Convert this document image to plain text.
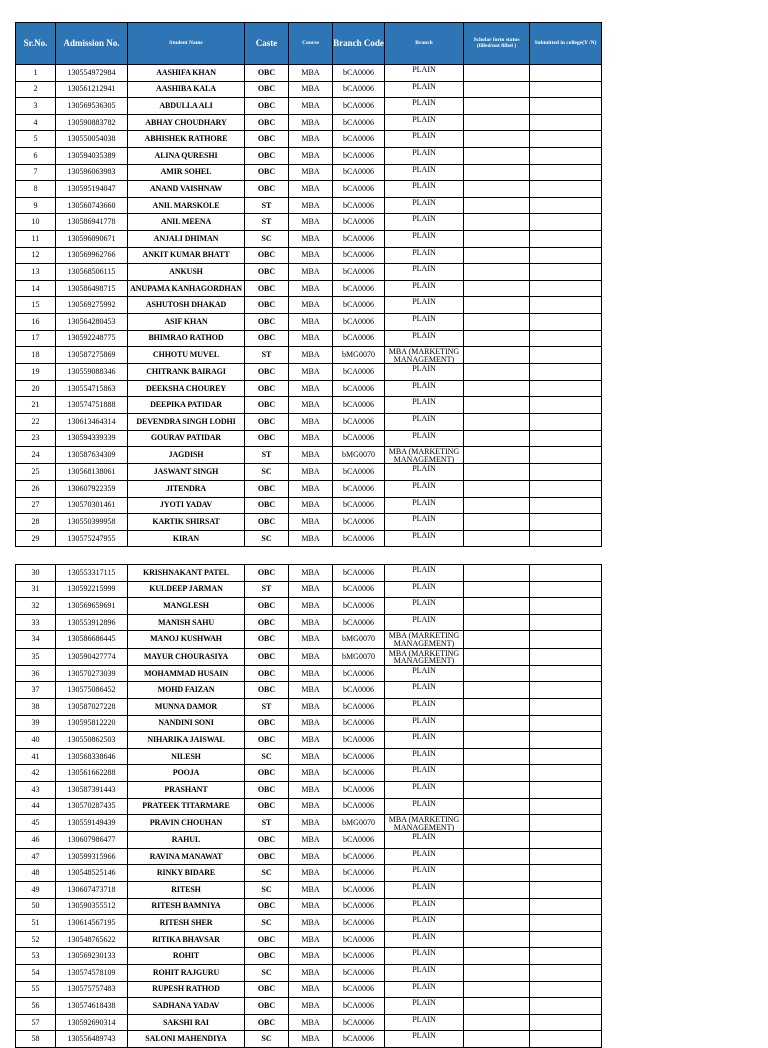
Sr.No.	Admission No.	Student Name	Caste	Course	Branch Code	Branch	Scholar form status (filled/not filled )	Submitted in college(Y /N)
1	130554972984	AASHIFA KHAN	OBC	MBA	bCA0006	PLAIN		
2	130561212941	AASHIBA KALA	OBC	MBA	bCA0006	PLAIN		
3	130569536305	ABDULLA ALI	OBC	MBA	bCA0006	PLAIN		
4	130590883782	ABHAY CHOUDHARY	OBC	MBA	bCA0006	PLAIN		
5	130550054038	ABHISHEK RATHORE	OBC	MBA	bCA0006	PLAIN		
6	130594035389	ALINA QURESHI	OBC	MBA	bCA0006	PLAIN		
7	130596063983	AMIR SOHEL	OBC	MBA	bCA0006	PLAIN		
8	130595194047	ANAND VAISHNAW	OBC	MBA	bCA0006	PLAIN		
9	130560743660	ANIL MARSKOLE	ST	MBA	bCA0006	PLAIN		
10	130586941778	ANIL MEENA	ST	MBA	bCA0006	PLAIN		
11	130596090671	ANJALI DHIMAN	SC	MBA	bCA0006	PLAIN		
12	130569962766	ANKIT KUMAR BHATT	OBC	MBA	bCA0006	PLAIN		
13	130568506115	ANKUSH	OBC	MBA	bCA0006	PLAIN		
14	130586498715	ANUPAMA KANHAGORDHAN	OBC	MBA	bCA0006	PLAIN		
15	130569275992	ASHUTOSH DHAKAD	OBC	MBA	bCA0006	PLAIN		
16	130564280453	ASIF KHAN	OBC	MBA	bCA0006	PLAIN		
17	130592248775	BHIMRAO RATHOD	OBC	MBA	bCA0006	PLAIN		
18	130587275869	CHHOTU MUVEL	ST	MBA	bMG0070	MBA (MARKETING MANAGEMENT)		
19	130559088346	CHITRANK BAIRAGI	OBC	MBA	bCA0006	PLAIN		
20	130554715863	DEEKSHA CHOUREY	OBC	MBA	bCA0006	PLAIN		
21	130574751888	DEEPIKA PATIDAR	OBC	MBA	bCA0006	PLAIN		
22	130613464314	DEVENDRA SINGH LODHI	OBC	MBA	bCA0006	PLAIN		
23	130594339339	GOURAV PATIDAR	OBC	MBA	bCA0006	PLAIN		
24	130587634309	JAGDISH	ST	MBA	bMG0070	MBA (MARKETING MANAGEMENT)		
25	130568138061	JASWANT SINGH	SC	MBA	bCA0006	PLAIN		
26	130607922359	JITENDRA	OBC	MBA	bCA0006	PLAIN		
27	130570301461	JYOTI YADAV	OBC	MBA	bCA0006	PLAIN		
28	130550399958	KARTIK SHIRSAT	OBC	MBA	bCA0006	PLAIN		
29	130575247955	KIRAN	SC	MBA	bCA0006	PLAIN		
30	130553317115	KRISHNAKANT PATEL	OBC	MBA	bCA0006	PLAIN		
31	130592215999	KULDEEP JARMAN	ST	MBA	bCA0006	PLAIN		
32	130569659691	MANGLESH	OBC	MBA	bCA0006	PLAIN		
33	130553912896	MANISH SAHU	OBC	MBA	bCA0006	PLAIN		
34	130586686445	MANOJ KUSHWAH	OBC	MBA	bMG0070	MBA (MARKETING MANAGEMENT)		
35	130590427774	MAYUR CHOURASIYA	OBC	MBA	bMG0070	MBA (MARKETING MANAGEMENT)		
36	130570273039	MOHAMMAD HUSAIN	OBC	MBA	bCA0006	PLAIN		
37	130575086452	MOHD FAIZAN	OBC	MBA	bCA0006	PLAIN		
38	130587027228	MUNNA DAMOR	ST	MBA	bCA0006	PLAIN		
39	130595812220	NANDINI SONI	OBC	MBA	bCA0006	PLAIN		
40	130550862503	NIHARIKA JAISWAL	OBC	MBA	bCA0006	PLAIN		
41	130568338646	NILESH	SC	MBA	bCA0006	PLAIN		
42	130561662288	POOJA	OBC	MBA	bCA0006	PLAIN		
43	130587391443	PRASHANT	OBC	MBA	bCA0006	PLAIN		
44	130570287435	PRATEEK TITARMARE	OBC	MBA	bCA0006	PLAIN		
45	130559149439	PRAVIN CHOUHAN	ST	MBA	bMG0070	MBA (MARKETING MANAGEMENT)		
46	130607986477	RAHUL	OBC	MBA	bCA0006	PLAIN		
47	130599315966	RAVINA MANAWAT	OBC	MBA	bCA0006	PLAIN		
48	130548525146	RINKY BIDARE	SC	MBA	bCA0006	PLAIN		
49	130607473718	RITESH	SC	MBA	bCA0006	PLAIN		
50	130590355512	RITESH BAMNIYA	OBC	MBA	bCA0006	PLAIN		
51	130614567195	RITESH SHER	SC	MBA	bCA0006	PLAIN		
52	130548765622	RITIKA BHAVSAR	OBC	MBA	bCA0006	PLAIN		
53	130569230133	ROHIT	OBC	MBA	bCA0006	PLAIN		
54	130574578109	ROHIT RAJGURU	SC	MBA	bCA0006	PLAIN		
55	130575757483	RUPESH RATHOD	OBC	MBA	bCA0006	PLAIN		
56	130574618438	SADHANA YADAV	OBC	MBA	bCA0006	PLAIN		
57	130592690314	SAKSHI RAI	OBC	MBA	bCA0006	PLAIN		
58	130556489743	SALONI MAHENDIYA	SC	MBA	bCA0006	PLAIN		
